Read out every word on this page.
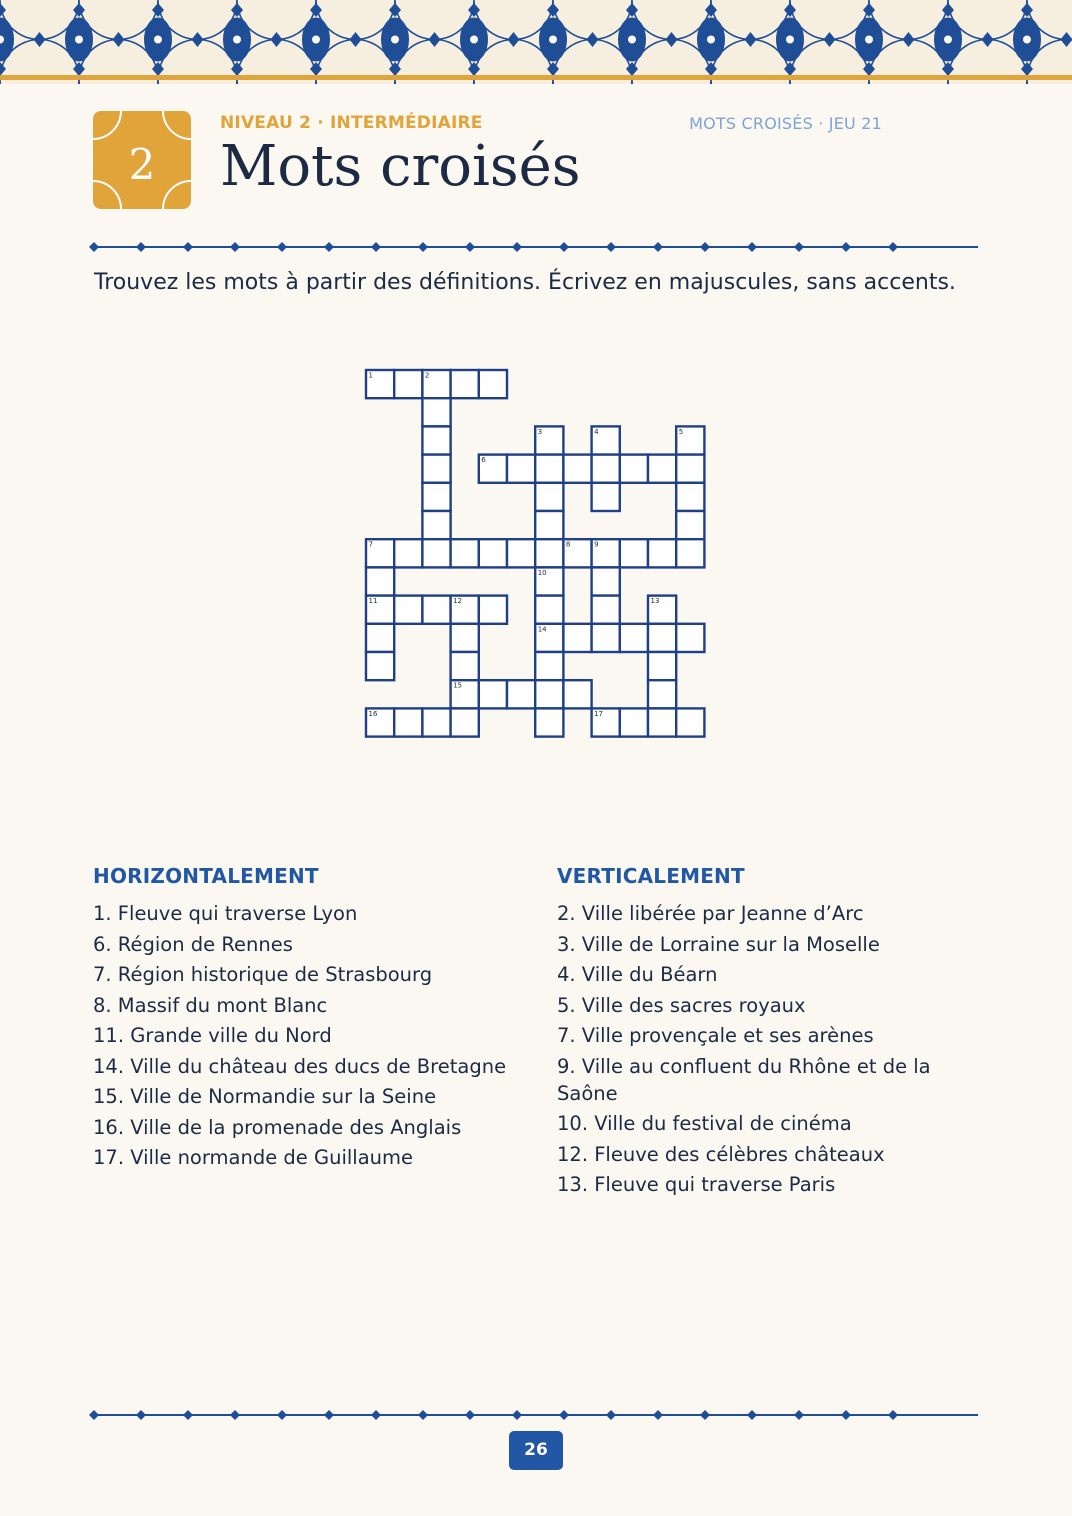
2
NIVEAU 2 · INTERMÉDIAIRE	MOTS CROISÉS · JEU 21
Mots croisés
Trouvez les mots à partir des définitions. Écrivez en majuscules, sans accents.
1	2
3	4	5
6
7	8	9
10
11	12	13
14
15
16	17
HORIZONTALEMENT
1. Fleuve qui traverse Lyon
6. Région de Rennes
7. Région historique de Strasbourg
8. Massif du mont Blanc
11. Grande ville du Nord
14. Ville du château des ducs de Bretagne
15. Ville de Normandie sur la Seine
16. Ville de la promenade des Anglais
17. Ville normande de Guillaume
VERTICALEMENT
2. Ville libérée par Jeanne d’Arc
3. Ville de Lorraine sur la Moselle
4. Ville du Béarn
5. Ville des sacres royaux
7. Ville provençale et ses arènes
9. Ville au confluent du Rhône et de la Saône
10. Ville du festival de cinéma
12. Fleuve des célèbres châteaux
13. Fleuve qui traverse Paris
26
